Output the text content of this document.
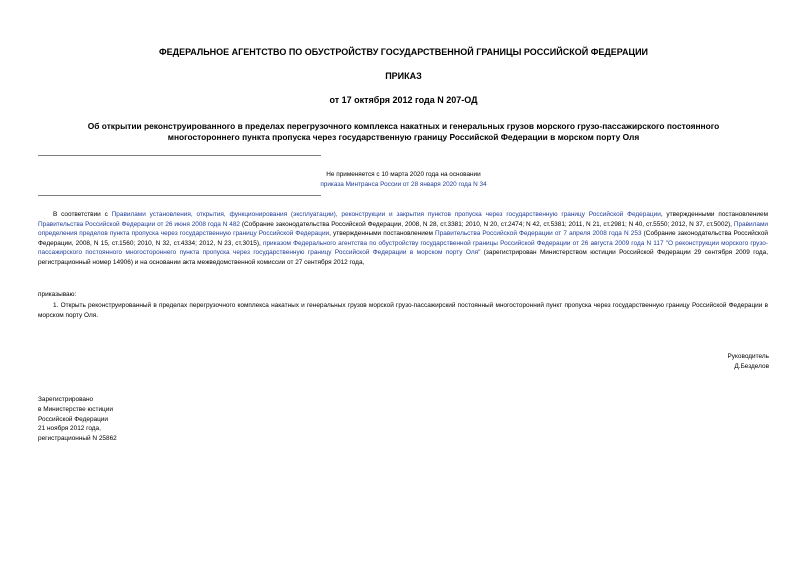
ФЕДЕРАЛЬНОЕ АГЕНТСТВО ПО ОБУСТРОЙСТВУ ГОСУДАРСТВЕННОЙ ГРАНИЦЫ РОССИЙСКОЙ ФЕДЕРАЦИИ
ПРИКАЗ
от 17 октября 2012 года N 207-ОД
Об открытии реконструированного в пределах перегрузочного комплекса накатных и генеральных грузов морского грузо-пассажирского постоянного многостороннего пункта пропуска через государственную границу Российской Федерации в морском порту Оля
Не применяется с 10 марта 2020 года на основании
приказа Минтранса России от 28 января 2020 года N 34
В соответствии с Правилами установления, открытия, функционирования (эксплуатации), реконструкции и закрытия пунктов пропуска через государственную границу Российской Федерации, утвержденными постановлением Правительства Российской Федерации от 26 июня 2008 года N 482 (Собрание законодательства Российской Федерации, 2008, N 28, ст.3381; 2010, N 20, ст.2474; N 42, ст.5381; 2011, N 21, ст.2981; N 40, ст.5550; 2012, N 37, ст.5002), Правилами определения пределов пункта пропуска через государственную границу Российской Федерации, утвержденными постановлением Правительства Российской Федерации от 7 апреля 2008 года N 253 (Собрание законодательства Российской Федерации, 2008, N 15, ст.1560; 2010, N 32, ст.4334; 2012, N 23, ст.3015), приказом Федерального агентства по обустройству государственной границы Российской Федерации от 26 августа 2009 года N 117 "О реконструкции морского грузо-пассажирского постоянного многостороннего пункта пропуска через государственную границу Российской Федерации в морском порту Оля" (зарегистрирован Министерством юстиции Российской Федерации 29 сентября 2009 года, регистрационный номер 14906) и на основании акта межведомственной комиссии от 27 сентября 2012 года,
приказываю:
1. Открыть реконструированный в пределах перегрузочного комплекса накатных и генеральных грузов морской грузо-пассажирский постоянный многосторонний пункт пропуска через государственную границу Российской Федерации в морском порту Оля.
Руководитель
Д.Безделов
Зарегистрировано
в Министерстве юстиции
Российской Федерации
21 ноября 2012 года,
регистрационный N 25862
